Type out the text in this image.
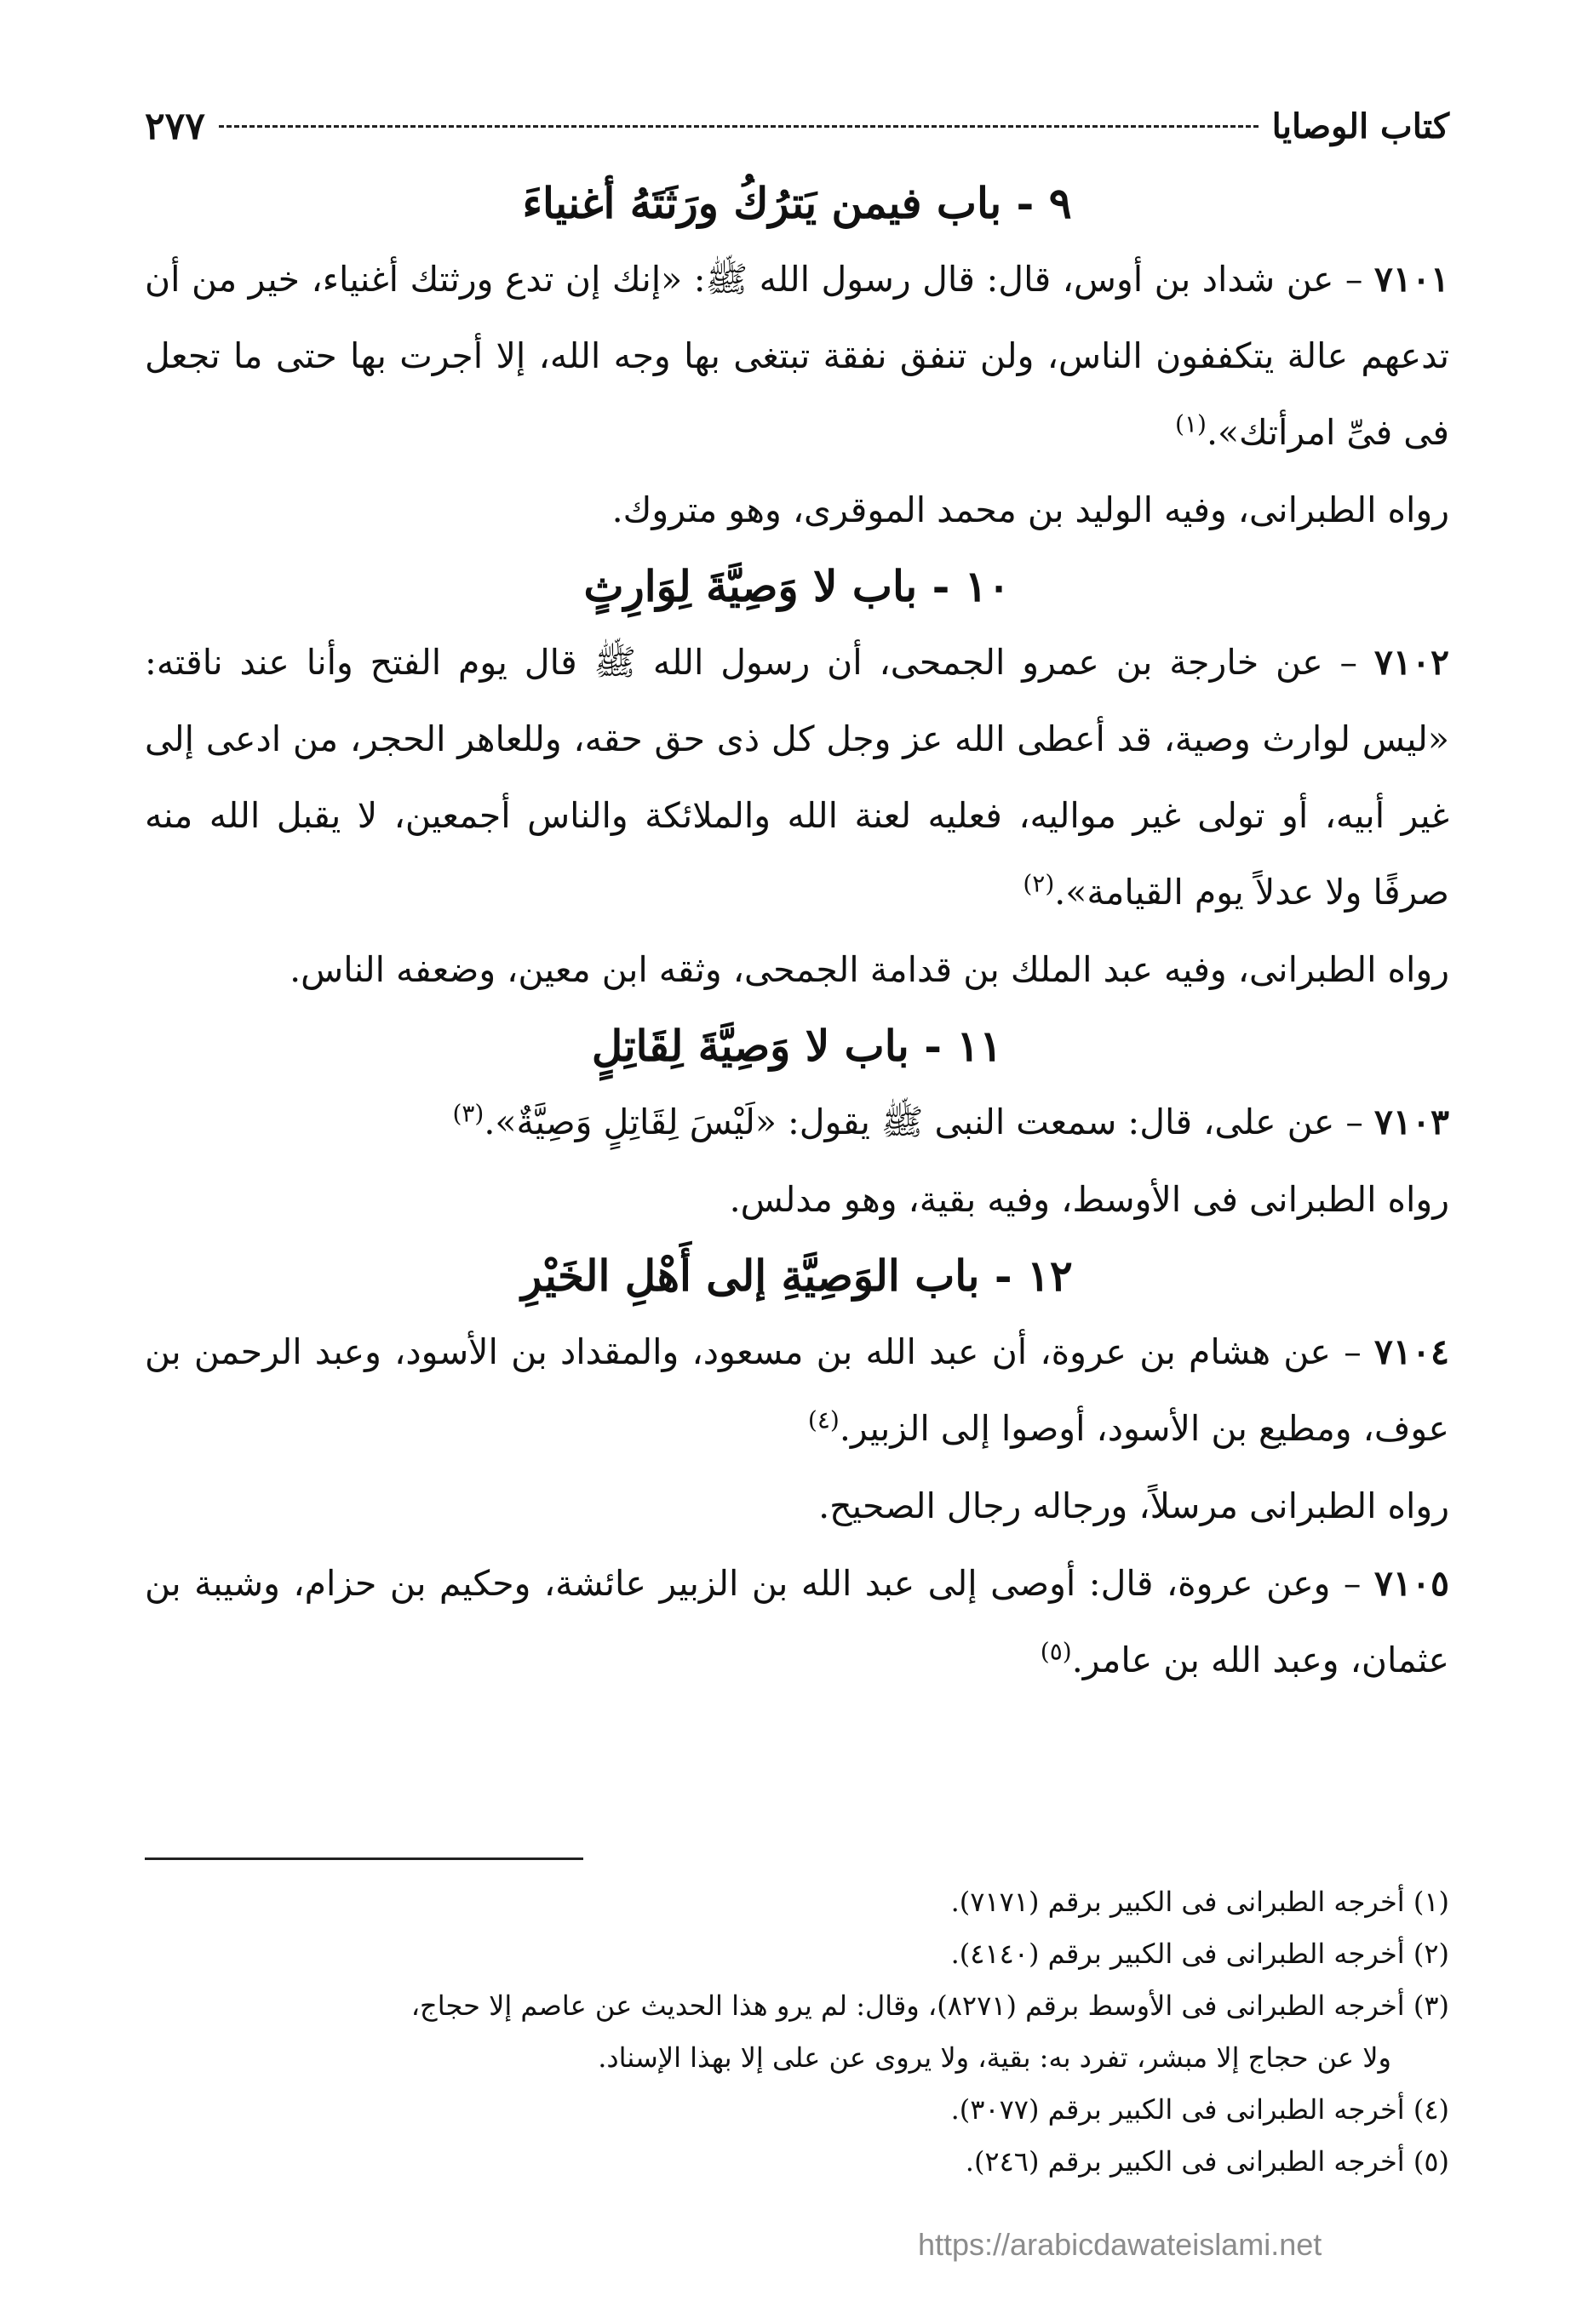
كتاب الوصايا
٢٧٧
٩ - باب فيمن يَترُكُ ورَثَتَهُ أغنياءَ

٧١٠١ – عن شداد بن أوس، قال: قال رسول الله ﷺ: «إنك إن تدع ورثتك أغنياء، خير من أن تدعهم عالة يتكففون الناس، ولن تنفق نفقة تبتغى بها وجه الله، إلا أجرت بها حتى ما تجعل فى فىِّ امرأتك».$^{(١)}$

رواه الطبرانى، وفيه الوليد بن محمد الموقرى، وهو متروك.

١٠ - باب لا وَصِيَّةَ لِوَارِثٍ

٧١٠٢ – عن خارجة بن عمرو الجمحى، أن رسول الله ﷺ قال يوم الفتح وأنا عند ناقته: «ليس لوارث وصية، قد أعطى الله عز وجل كل ذى حق حقه، وللعاهر الحجر، من ادعى إلى غير أبيه، أو تولى غير مواليه، فعليه لعنة الله والملائكة والناس أجمعين، لا يقبل الله منه صرفًا ولا عدلاً يوم القيامة».$^{(٢)}$

رواه الطبرانى، وفيه عبد الملك بن قدامة الجمحى، وثقه ابن معين، وضعفه الناس.

١١ - باب لا وَصِيَّةَ لِقَاتِلٍ

٧١٠٣ – عن على، قال: سمعت النبى ﷺ يقول: «لَيْسَ لِقَاتِلٍ وَصِيَّةٌ».$^{(٣)}$

رواه الطبرانى فى الأوسط، وفيه بقية، وهو مدلس.

١٢ - باب الوَصِيَّةِ إلى أَهْلِ الخَيْرِ

٧١٠٤ – عن هشام بن عروة، أن عبد الله بن مسعود، والمقداد بن الأسود، وعبد الرحمن بن عوف، ومطيع بن الأسود، أوصوا إلى الزبير.$^{(٤)}$

رواه الطبرانى مرسلاً، ورجاله رجال الصحيح.

٧١٠٥ – وعن عروة، قال: أوصى إلى عبد الله بن الزبير عائشة، وحكيم بن حزام، وشيبة بن عثمان، وعبد الله بن عامر.$^{(٥)}$

(١) أخرجه الطبرانى فى الكبير برقم (٧١٧١).

(٢) أخرجه الطبرانى فى الكبير برقم (٤١٤٠).

(٣) أخرجه الطبرانى فى الأوسط برقم (٨٢٧١)، وقال: لم يرو هذا الحديث عن عاصم إلا حجاج،

ولا عن حجاج إلا مبشر، تفرد به: بقية، ولا يروى عن على إلا بهذا الإسناد.

(٤) أخرجه الطبرانى فى الكبير برقم (٣٠٧٧).

(٥) أخرجه الطبرانى فى الكبير برقم (٢٤٦).

https://arabicdawateislami.net
